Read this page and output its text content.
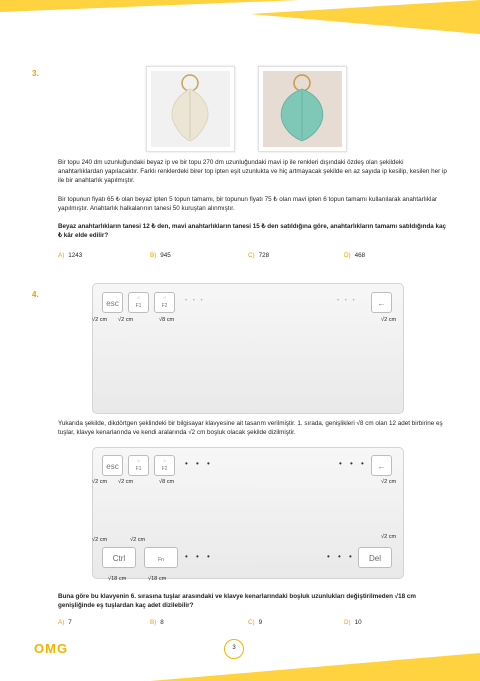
3.

Bir topu 240 dm uzunluğundaki beyaz ip ve bir topu 270 dm uzunluğundaki mavi ip ile renkleri dışındaki özdeş olan şekildeki anahtarlıklardan yapılacaktır. Farklı renklerdeki birer top ipten eşit uzunlukta ve hiç artmayacak şekilde en az sayıda ip kesilip, kesilen her ip ile bir anahtarlık yapılmıştır.

Bir topunun fiyatı 65 ₺ olan beyaz ipten 5 topun tamamı, bir topunun fiyatı 75 ₺ olan mavi ipten 6 topun tamamı kullanılarak anahtarlıklar yapılmıştır. Anahtarlık halkalarının tanesi 50 kuruştan alınmıştır.

Beyaz anahtarlıkların tanesi 12 ₺ den, mavi anahtarlıkların tanesi 15 ₺ den satıldığına göre, anahtarlıkların tamamı satıldığında kaç ₺ kâr elde edilir?

A) 1243	B) 945	C) 728	D) 468
4.
esc
☼
F1
☼
F2
• • •	• • •	←
√2 cm √2 cm	√8 cm	√2 cm

Yukarıda şekilde, dikdörtgen şeklindeki bir bilgisayar klavyesine ait tasarım verilmiştir. 1. sırada, genişlikleri √8 cm olan 12 adet birbirine eş tuşlar, klavye kenarlarında ve kendi aralarında √2 cm boşluk olacak şekilde dizilmiştir.

esc
☼
F1
☼
F2
• • •	• • •	←
Ctrl	Fn	• • •	• • •	Del
√2 cm √2 cm	√8 cm	√2 cm
√2 cm	√2 cm	√2 cm
√18 cm	√18 cm

Buna göre bu klavyenin 6. sırasına tuşlar arasındaki ve klavye kenarlarındaki boşluk uzunlukları değiştirilmeden √18 cm genişliğinde eş tuşlardan kaç adet dizilebilir?

A) 7	B) 8	C) 9	D) 10
OMG	3
